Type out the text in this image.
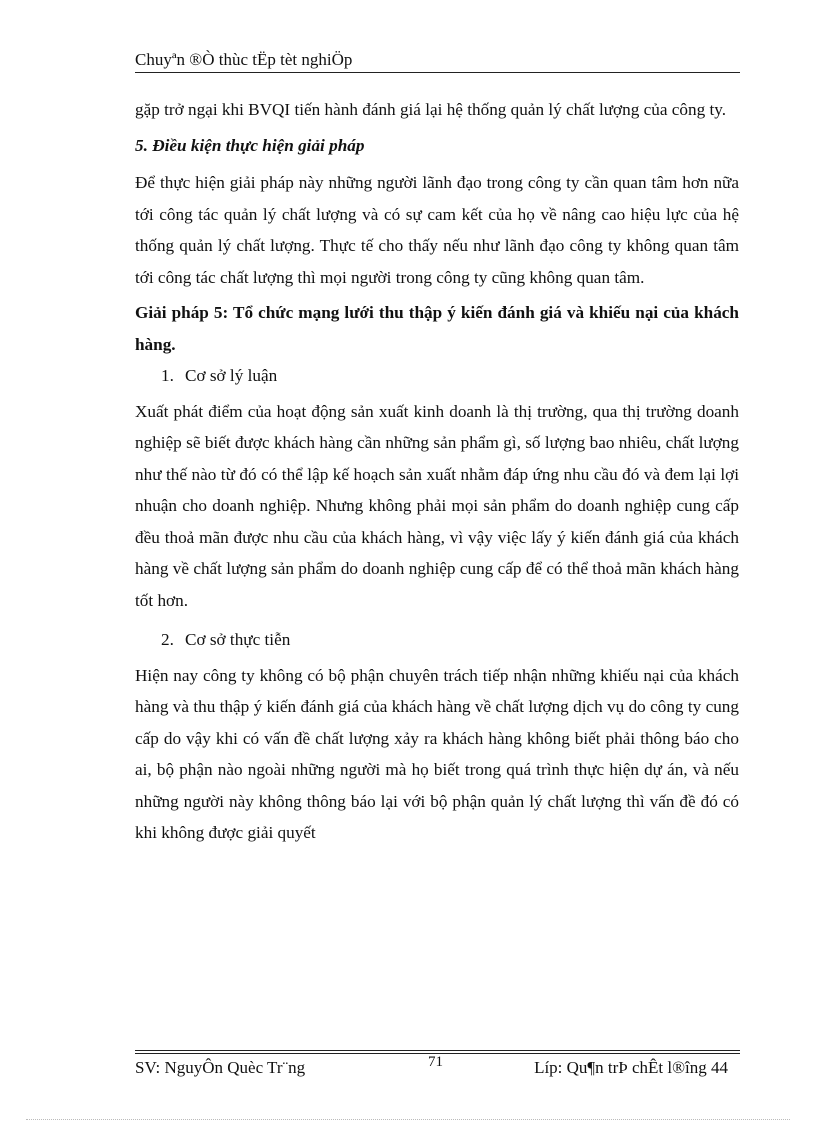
Chuyªn ®Ò thùc tËp tèt nghiÖp

gặp trở ngại khi BVQI tiến hành đánh giá lại hệ thống quản lý chất lượng của công ty.

5. Điều kiện thực hiện giải pháp

Để thực hiện giải pháp này những người lãnh đạo trong công ty cần quan tâm hơn nữa tới công tác quản lý chất lượng và có sự cam kết của họ về nâng cao hiệu lực của hệ thống quản lý chất lượng. Thực tế cho thấy nếu như lãnh đạo công ty không quan tâm tới công tác chất lượng thì mọi người trong công ty cũng không quan tâm.

Giải pháp 5: Tổ chức mạng lưới thu thập ý kiến đánh giá và khiếu nại của khách hàng.

1. Cơ sở lý luận

Xuất phát điểm của hoạt động sản xuất kinh doanh là thị trường, qua thị trường doanh nghiệp sẽ biết được khách hàng cần những sản phẩm gì, số lượng bao nhiêu, chất lượng như thế nào từ đó có thể lập kế hoạch sản xuất nhằm đáp ứng nhu cầu đó và đem lại lợi nhuận cho doanh nghiệp. Nhưng không phải mọi sản phẩm do doanh nghiệp cung cấp đều thoả mãn được nhu cầu của khách hàng, vì vậy việc lấy ý kiến đánh giá của khách hàng về chất lượng sản phẩm do doanh nghiệp cung cấp để có thể thoả mãn khách hàng tốt hơn.

2. Cơ sở thực tiễn

Hiện nay công ty không có bộ phận chuyên trách tiếp nhận những khiếu nại của khách hàng và thu thập ý kiến đánh giá của khách hàng về chất lượng dịch vụ do công ty cung cấp do vậy khi có vấn đề chất lượng xảy ra khách hàng không biết phải thông báo cho ai, bộ phận nào ngoài những người mà họ biết trong quá trình thực hiện dự án, và nếu những người này không thông báo lại với bộ phận quản lý chất lượng thì vấn đề đó có khi không được giải quyết

SV: NguyÔn Quèc Tr¨ng	71	Líp: Qu¶n trÞ chÊt l®îng 44
